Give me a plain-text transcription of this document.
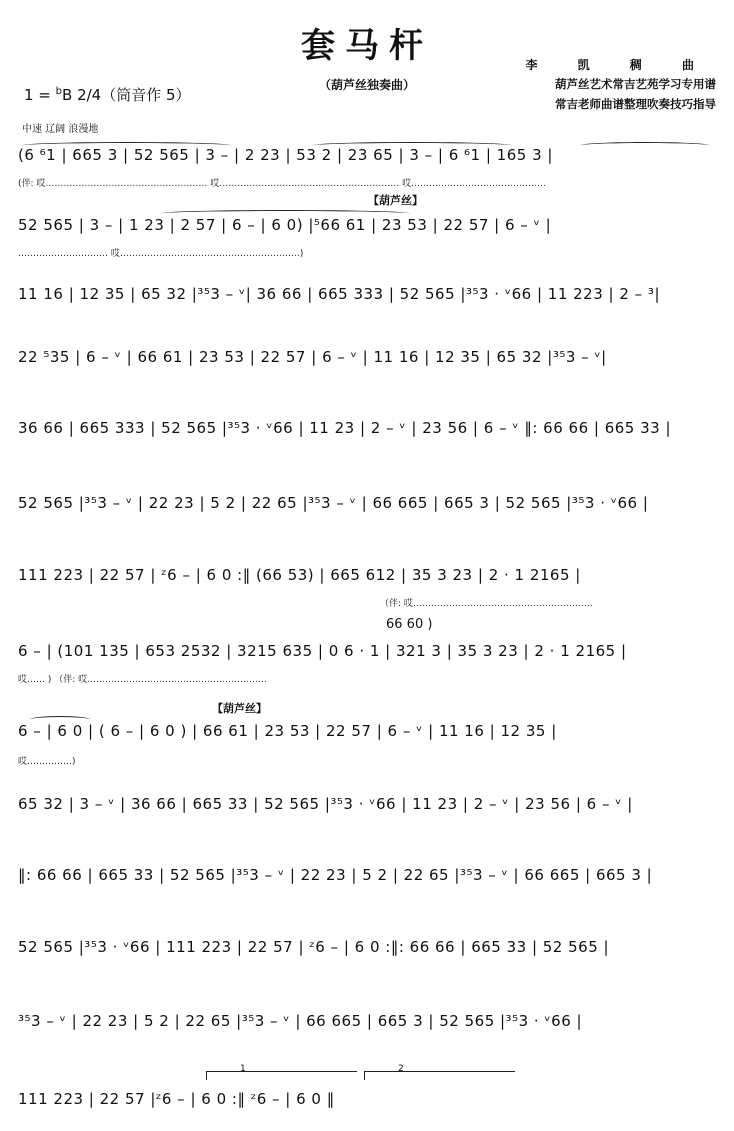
套马杆
（葫芦丝独奏曲）
李 凯 稠 曲
葫芦丝艺术常吉艺苑学习专用谱
常吉老师曲谱整理吹奏技巧指导
1 = $^b$B 2/4（筒音作 5）
中速 辽阔 浪漫地
【葫芦丝】
【葫芦丝】
66 60 )
(6 ⁶1 | 665 3 | 52 565 | 3 – | 2 23 | 53 2 | 23 65 | 3 – | 6 ⁶1 | 165 3 |
(伴: 哎……………………………………………… 哎…………………………………………………… 哎………………………………………
52 565 | 3 – | 1 23 | 2 57 | 6 – | 6 0) |⁵66 61 | 23 53 | 22 57 | 6 – ᵛ |
………………………… 哎……………………………………………………)
11 16 | 12 35 | 65 32 |³⁵3 – ᵛ| 36 66 | 665 333 | 52 565 |³⁵3 · ᵛ66 | 11 223 | 2 – ³|
22 ⁵35 | 6 – ᵛ | 66 61 | 23 53 | 22 57 | 6 – ᵛ | 11 16 | 12 35 | 65 32 |³⁵3 – ᵛ|
36 66 | 665 333 | 52 565 |³⁵3 · ᵛ66 | 11 23 | 2 – ᵛ | 23 56 | 6 – ᵛ ‖: 66 66 | 665 33 |
52 565 |³⁵3 – ᵛ | 22 23 | 5 2 | 22 65 |³⁵3 – ᵛ | 66 665 | 665 3 | 52 565 |³⁵3 · ᵛ66 |
111 223 | 22 57 | ᶻ6 – | 6 0 :‖ (66 53) | 665 612 | 35 3 23 | 2 · 1 2165 |
（伴: 哎……………………………………………………
6 – | (101 135 | 653 2532 | 3215 635 | 0 6 · 1 | 321 3 | 35 3 23 | 2 · 1 2165 |
哎…… ) （伴: 哎……………………………………………………
6 – | 6 0 | ( 6 – | 6 0 ) | 66 61 | 23 53 | 22 57 | 6 – ᵛ | 11 16 | 12 35 |
哎……………)
65 32 | 3 – ᵛ | 36 66 | 665 33 | 52 565 |³⁵3 · ᵛ66 | 11 23 | 2 – ᵛ | 23 56 | 6 – ᵛ |
‖: 66 66 | 665 33 | 52 565 |³⁵3 – ᵛ | 22 23 | 5 2 | 22 65 |³⁵3 – ᵛ | 66 665 | 665 3 |
52 565 |³⁵3 · ᵛ66 | 111 223 | 22 57 | ᶻ6 – | 6 0 :‖: 66 66 | 665 33 | 52 565 |
³⁵3 – ᵛ | 22 23 | 5 2 | 22 65 |³⁵3 – ᵛ | 66 665 | 665 3 | 52 565 |³⁵3 · ᵛ66 |
111 223 | 22 57 |ᶻ6 – | 6 0 :‖ ᶻ6 – | 6 0 ‖
1	2
